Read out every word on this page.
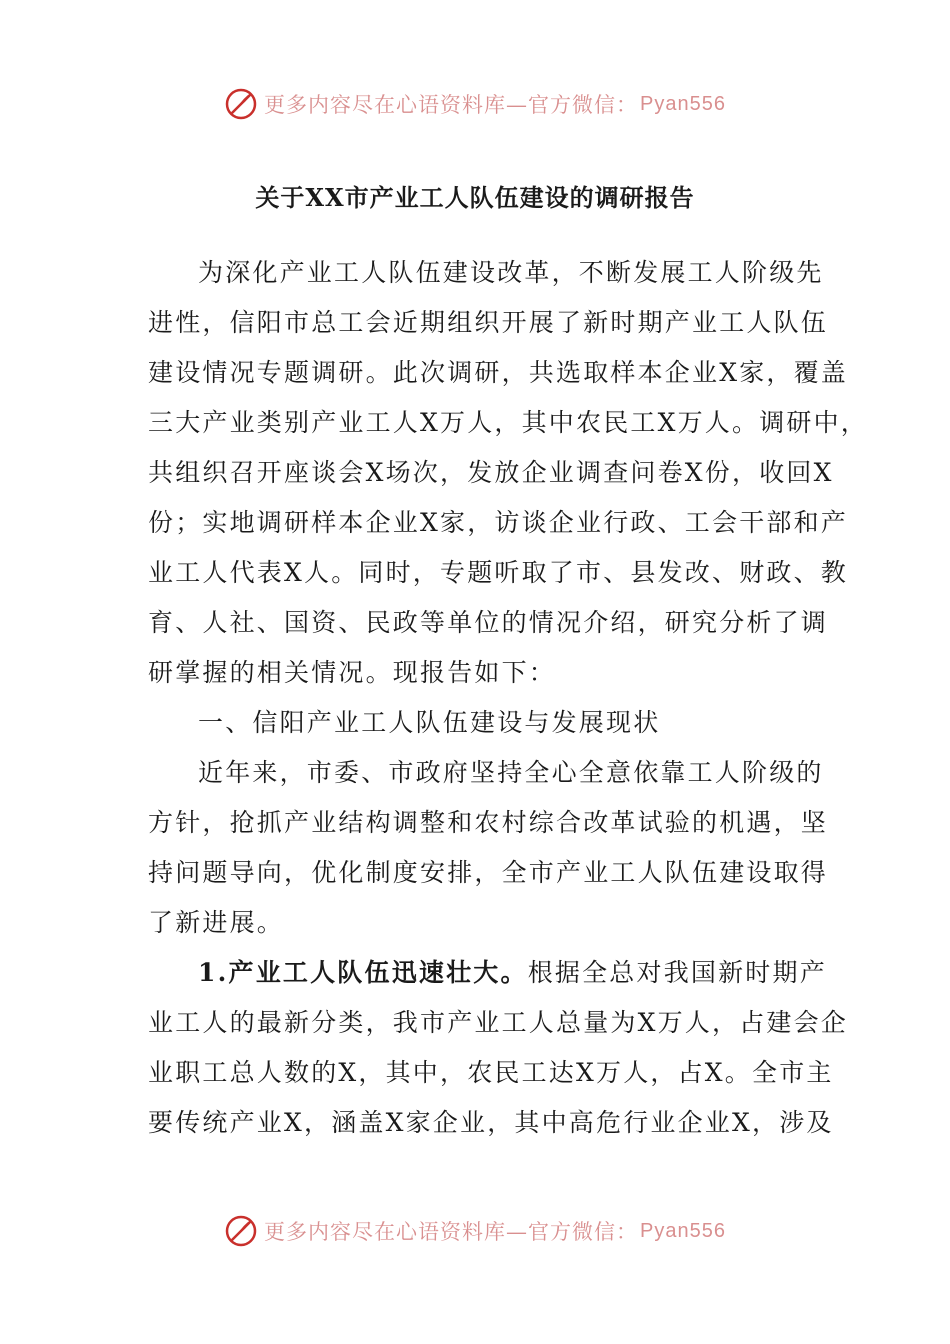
更多内容尽在心语资料库—官方微信： Pyan556
关于XX市产业工人队伍建设的调研报告
为深化产业工人队伍建设改革，不断发展工人阶级先
进性，信阳市总工会近期组织开展了新时期产业工人队伍
建设情况专题调研。此次调研，共选取样本企业X家，覆盖
三大产业类别产业工人X万人，其中农民工X万人。调研中，
共组织召开座谈会X场次，发放企业调查问卷X份，收回X
份；实地调研样本企业X家，访谈企业行政、工会干部和产
业工人代表X人。同时，专题听取了市、县发改、财政、教
育、人社、国资、民政等单位的情况介绍，研究分析了调
研掌握的相关情况。现报告如下：
一、信阳产业工人队伍建设与发展现状
近年来，市委、市政府坚持全心全意依靠工人阶级的
方针，抢抓产业结构调整和农村综合改革试验的机遇，坚
持问题导向，优化制度安排，全市产业工人队伍建设取得
了新进展。
1.产业工人队伍迅速壮大。根据全总对我国新时期产
业工人的最新分类，我市产业工人总量为X万人，占建会企
业职工总人数的X，其中，农民工达X万人，占X。全市主
要传统产业X，涵盖X家企业，其中高危行业企业X，涉及
更多内容尽在心语资料库—官方微信： Pyan556
